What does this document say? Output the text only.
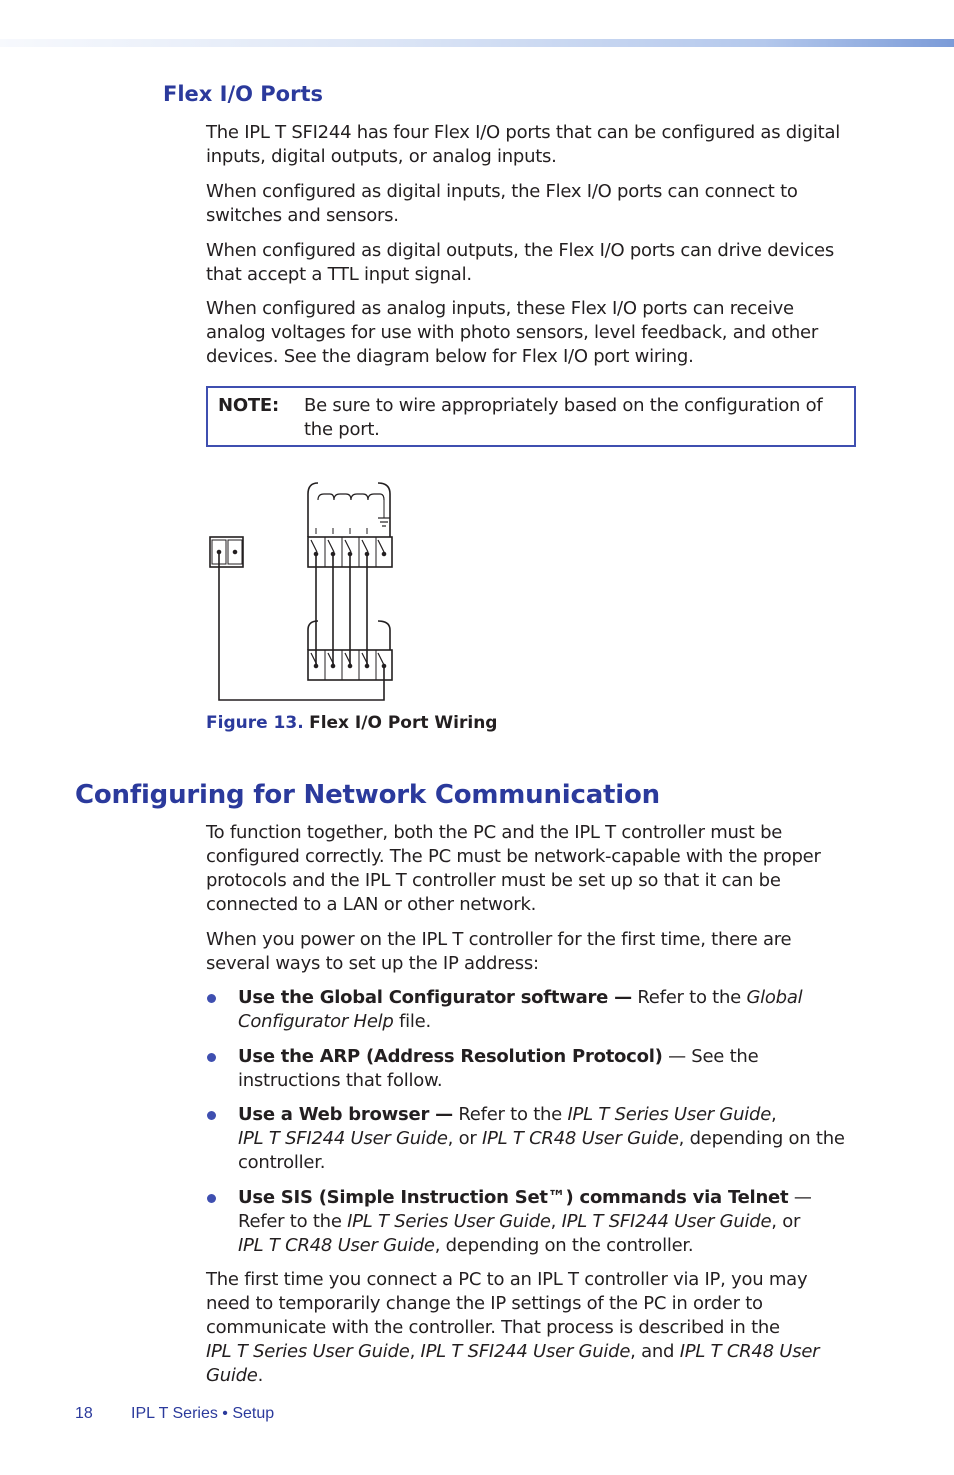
Flex I/O Ports

The IPL T SFI244 has four Flex I/O ports that can be configured as digital inputs, digital outputs, or analog inputs.

When configured as digital inputs, the Flex I/O ports can connect to switches and sensors.

When configured as digital outputs, the Flex I/O ports can drive devices that accept a TTL input signal.

When configured as analog inputs, these Flex I/O ports can receive analog voltages for use with photo sensors, level feedback, and other devices. See the diagram below for Flex I/O port wiring.

NOTE: Be sure to wire appropriately based on the configuration of the port.

Figure 13. Flex I/O Port Wiring

Configuring for Network Communication

To function together, both the PC and the IPL T controller must be configured correctly. The PC must be network-capable with the proper protocols and the IPL T controller must be set up so that it can be connected to a LAN or other network.

When you power on the IPL T controller for the first time, there are several ways to set up the IP address:

Use the Global Configurator software — Refer to the Global Configurator Help file.
Use the ARP (Address Resolution Protocol) — See the instructions that follow.
Use a Web browser — Refer to the IPL T Series User Guide,
IPL T SFI244 User Guide, or IPL T CR48 User Guide, depending on the controller.
Use SIS (Simple Instruction Set™) commands via Telnet — Refer to the IPL T Series User Guide, IPL T SFI244 User Guide, or
IPL T CR48 User Guide, depending on the controller.

The first time you connect a PC to an IPL T controller via IP, you may need to temporarily change the IP settings of the PC in order to communicate with the controller. That process is described in the
IPL T Series User Guide, IPL T SFI244 User Guide, and IPL T CR48 User Guide.

18 IPL T Series • Setup
